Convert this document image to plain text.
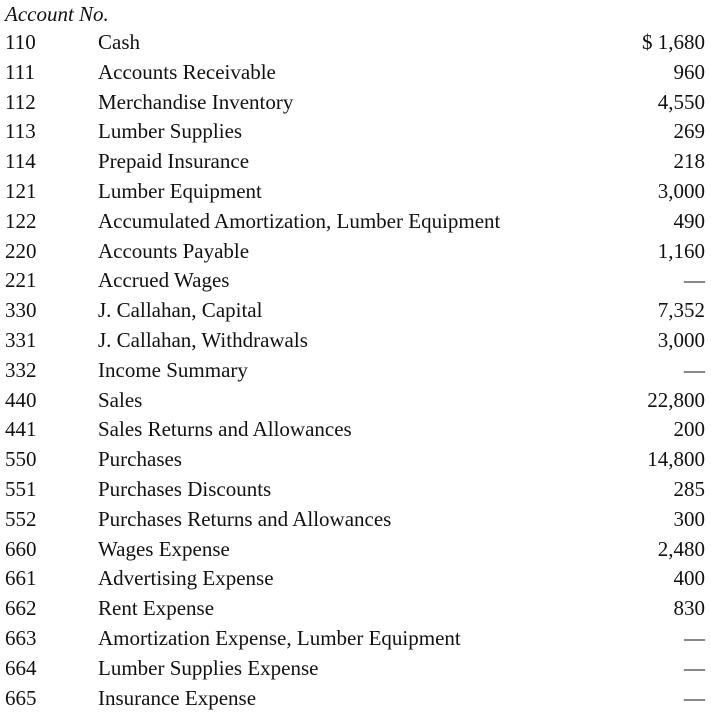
Account No.
110	Cash	$ 1,680
111	Accounts Receivable	960
112	Merchandise Inventory	4,550
113	Lumber Supplies	269
114	Prepaid Insurance	218
121	Lumber Equipment	3,000
122	Accumulated Amortization, Lumber Equipment	490
220	Accounts Payable	1,160
221	Accrued Wages	—
330	J. Callahan, Capital	7,352
331	J. Callahan, Withdrawals	3,000
332	Income Summary	—
440	Sales	22,800
441	Sales Returns and Allowances	200
550	Purchases	14,800
551	Purchases Discounts	285
552	Purchases Returns and Allowances	300
660	Wages Expense	2,480
661	Advertising Expense	400
662	Rent Expense	830
663	Amortization Expense, Lumber Equipment	—
664	Lumber Supplies Expense	—
665	Insurance Expense	—
